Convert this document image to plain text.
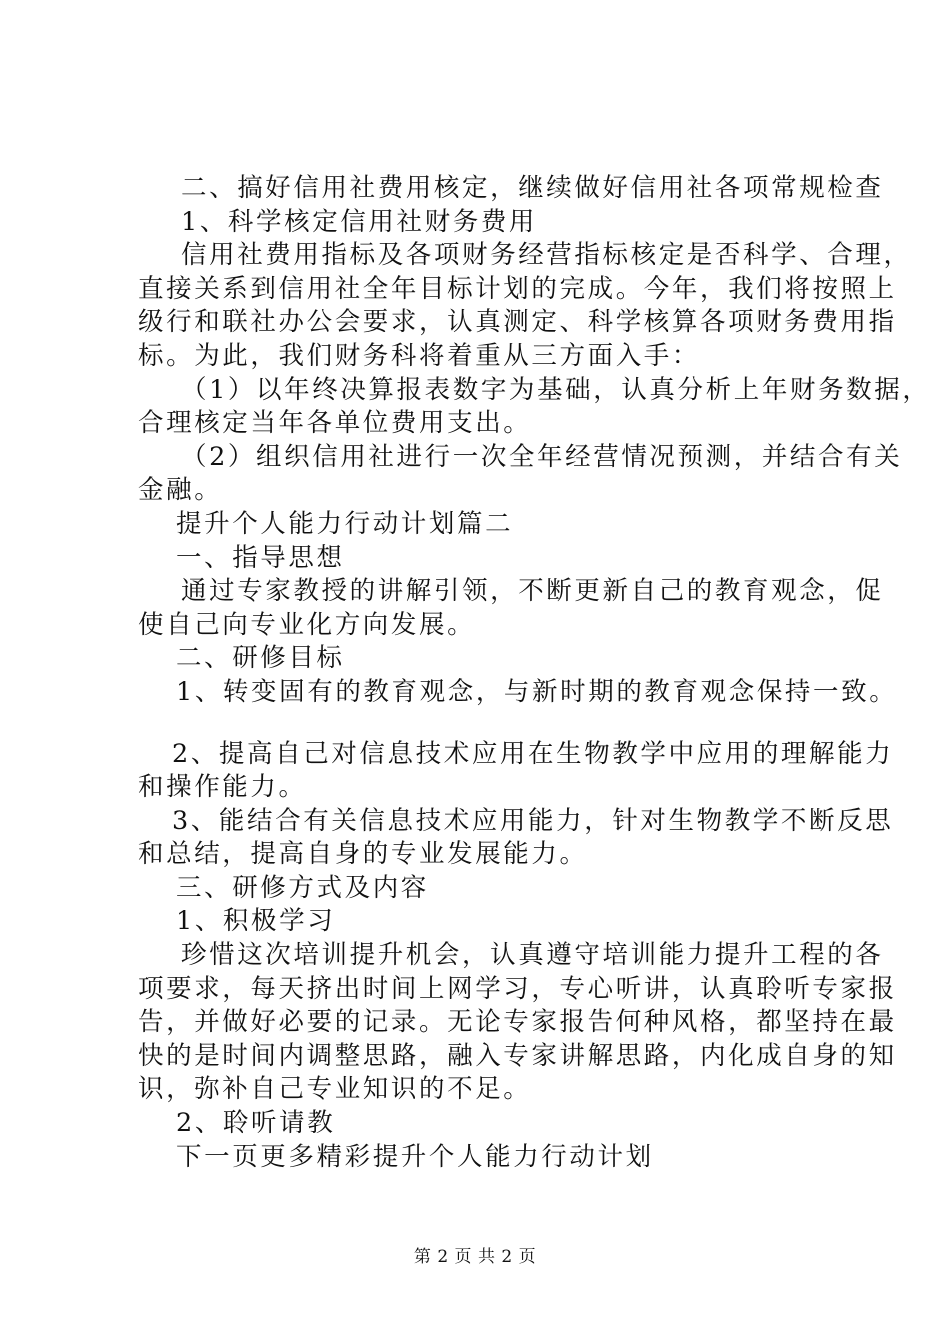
二、搞好信用社费用核定，继续做好信用社各项常规检查
1、科学核定信用社财务费用
信用社费用指标及各项财务经营指标核定是否科学、合理，
直接关系到信用社全年目标计划的完成。今年，我们将按照上
级行和联社办公会要求，认真测定、科学核算各项财务费用指
标。为此，我们财务科将着重从三方面入手：
（1）以年终决算报表数字为基础，认真分析上年财务数据，
合理核定当年各单位费用支出。
（2）组织信用社进行一次全年经营情况预测，并结合有关
金融。
提升个人能力行动计划篇二
一、指导思想
通过专家教授的讲解引领，不断更新自己的教育观念，促
使自己向专业化方向发展。
二、研修目标
1、转变固有的教育观念，与新时期的教育观念保持一致。
2、提高自己对信息技术应用在生物教学中应用的理解能力
和操作能力。
3、能结合有关信息技术应用能力，针对生物教学不断反思
和总结，提高自身的专业发展能力。
三、研修方式及内容
1、积极学习
珍惜这次培训提升机会，认真遵守培训能力提升工程的各
项要求，每天挤出时间上网学习，专心听讲，认真聆听专家报
告，并做好必要的记录。无论专家报告何种风格，都坚持在最
快的是时间内调整思路，融入专家讲解思路，内化成自身的知
识，弥补自己专业知识的不足。
2、聆听请教
下一页更多精彩提升个人能力行动计划
第 2 页 共 2 页
